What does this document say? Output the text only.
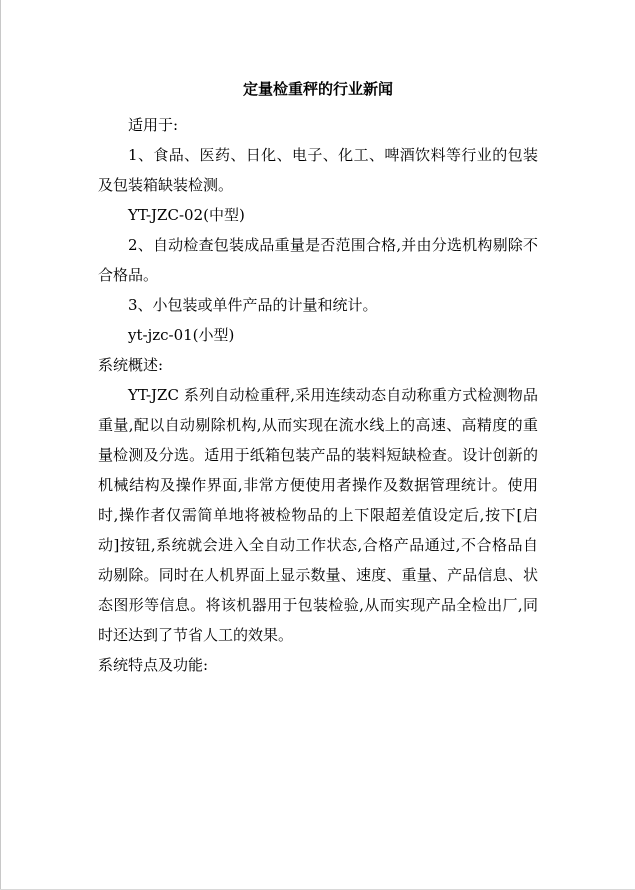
定量检重秤的行业新闻

适用于:

1、食品、医药、日化、电子、化工、啤酒饮料等行业的包装及包装箱缺装检测。

YT-JZC-02(中型)

2、自动检查包装成品重量是否范围合格,并由分选机构剔除不合格品。

3、小包装或单件产品的计量和统计。

yt-jzc-01(小型)

系统概述:

YT-JZC 系列自动检重秤,采用连续动态自动称重方式检测物品重量,配以自动剔除机构,从而实现在流水线上的高速、高精度的重量检测及分选。适用于纸箱包装产品的装料短缺检查。设计创新的机械结构及操作界面,非常方便使用者操作及数据管理统计。使用时,操作者仅需简单地将被检物品的上下限超差值设定后,按下[启动]按钮,系统就会进入全自动工作状态,合格产品通过,不合格品自动剔除。同时在人机界面上显示数量、速度、重量、产品信息、状态图形等信息。将该机器用于包装检验,从而实现产品全检出厂,同时还达到了节省人工的效果。

系统特点及功能:
